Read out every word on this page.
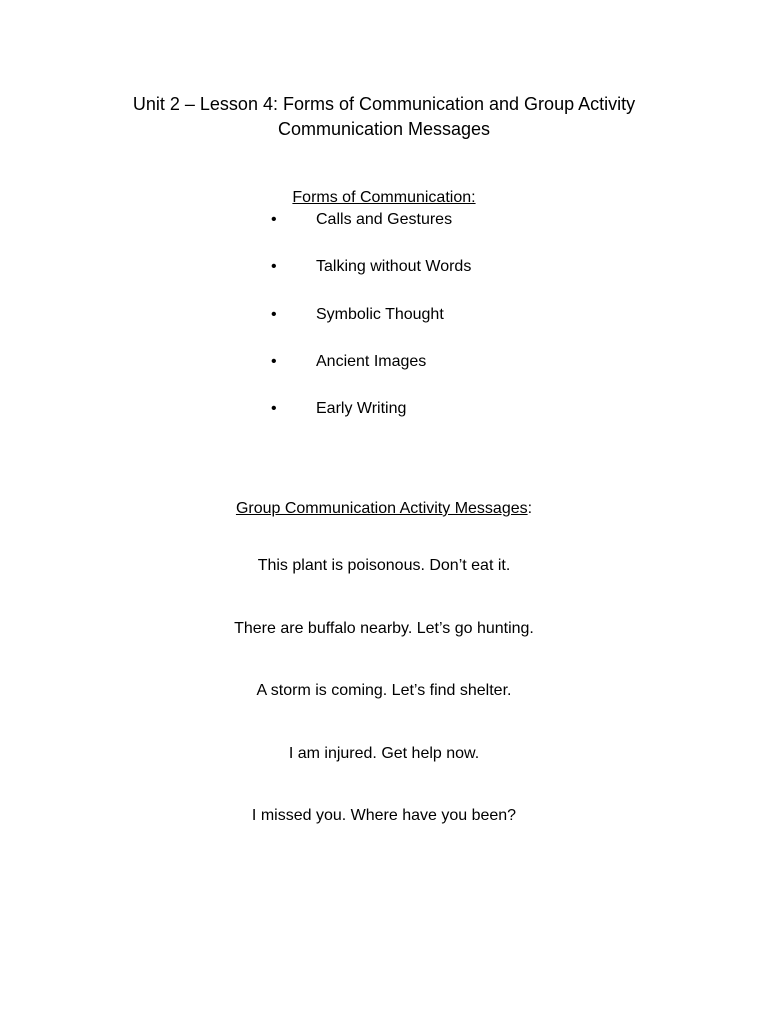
Unit 2 – Lesson 4: Forms of Communication and Group Activity
Communication Messages
Forms of Communication:
• Calls and Gestures
• Talking without Words
• Symbolic Thought
• Ancient Images
• Early Writing
Group Communication Activity Messages:
This plant is poisonous. Don’t eat it.
There are buffalo nearby. Let’s go hunting.
A storm is coming. Let’s find shelter.
I am injured. Get help now.
I missed you. Where have you been?
